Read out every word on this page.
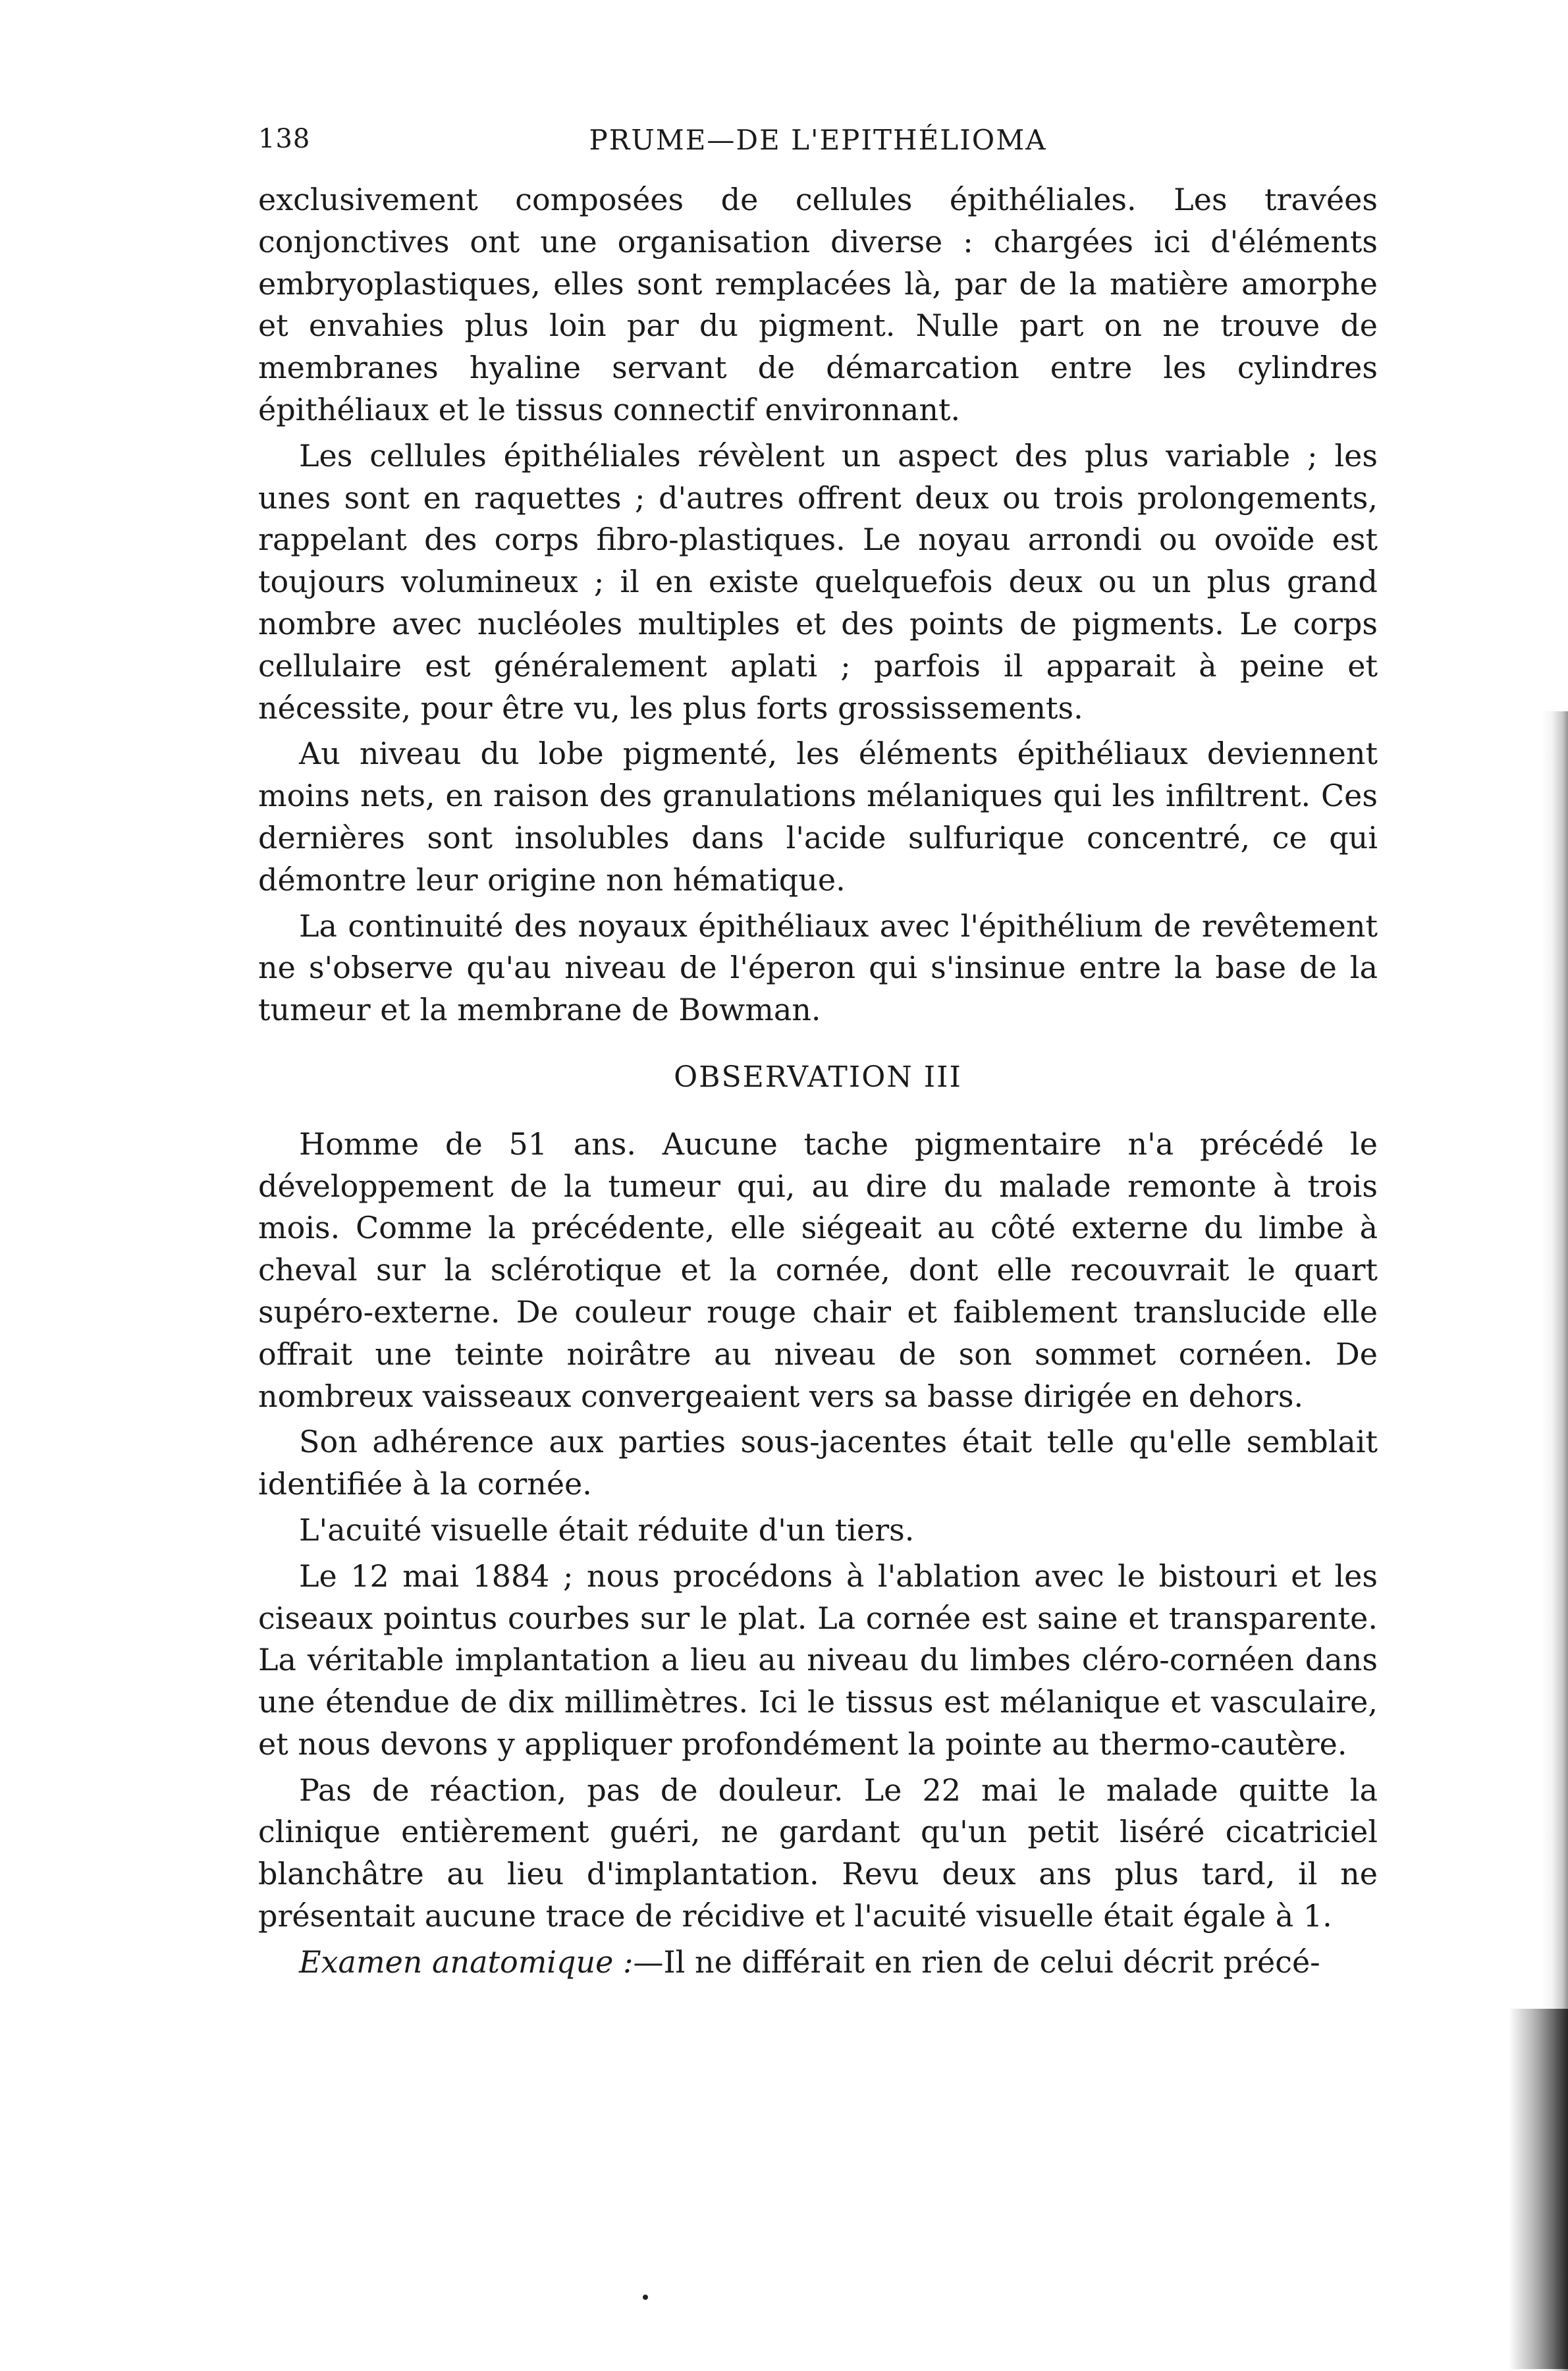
138	PRUME—DE L'EPITHÉLIOMA

exclusivement composées de cellules épithéliales. Les travées conjonctives ont une organisation diverse : chargées ici d'éléments embryoplastiques, elles sont remplacées là, par de la matière amorphe et envahies plus loin par du pigment. Nulle part on ne trouve de membranes hyaline servant de démarcation entre les cylindres épithéliaux et le tissus connectif environnant.

Les cellules épithéliales révèlent un aspect des plus variable ; les unes sont en raquettes ; d'autres offrent deux ou trois prolongements, rappelant des corps fibro-plastiques. Le noyau arrondi ou ovoïde est toujours volumineux ; il en existe quelquefois deux ou un plus grand nombre avec nucléoles multiples et des points de pigments. Le corps cellulaire est généralement aplati ; parfois il apparait à peine et nécessite, pour être vu, les plus forts grossissements.

Au niveau du lobe pigmenté, les éléments épithéliaux deviennent moins nets, en raison des granulations mélaniques qui les infiltrent. Ces dernières sont insolubles dans l'acide sulfurique concentré, ce qui démontre leur origine non hématique.

La continuité des noyaux épithéliaux avec l'épithélium de revêtement ne s'observe qu'au niveau de l'éperon qui s'insinue entre la base de la tumeur et la membrane de Bowman.

OBSERVATION III

Homme de 51 ans. Aucune tache pigmentaire n'a précédé le développement de la tumeur qui, au dire du malade remonte à trois mois. Comme la précédente, elle siégeait au côté externe du limbe à cheval sur la sclérotique et la cornée, dont elle recouvrait le quart supéro-externe. De couleur rouge chair et faiblement translucide elle offrait une teinte noirâtre au niveau de son sommet cornéen. De nombreux vaisseaux convergeaient vers sa basse dirigée en dehors.

Son adhérence aux parties sous-jacentes était telle qu'elle semblait identifiée à la cornée.

L'acuité visuelle était réduite d'un tiers.

Le 12 mai 1884 ; nous procédons à l'ablation avec le bistouri et les ciseaux pointus courbes sur le plat. La cornée est saine et transparente. La véritable implantation a lieu au niveau du limbes cléro-cornéen dans une étendue de dix millimètres. Ici le tissus est mélanique et vasculaire, et nous devons y appliquer profondément la pointe au thermo-cautère.

Pas de réaction, pas de douleur. Le 22 mai le malade quitte la clinique entièrement guéri, ne gardant qu'un petit liséré cicatriciel blanchâtre au lieu d'implantation. Revu deux ans plus tard, il ne présentait aucune trace de récidive et l'acuité visuelle était égale à 1.

Examen anatomique :—Il ne différait en rien de celui décrit précé-
